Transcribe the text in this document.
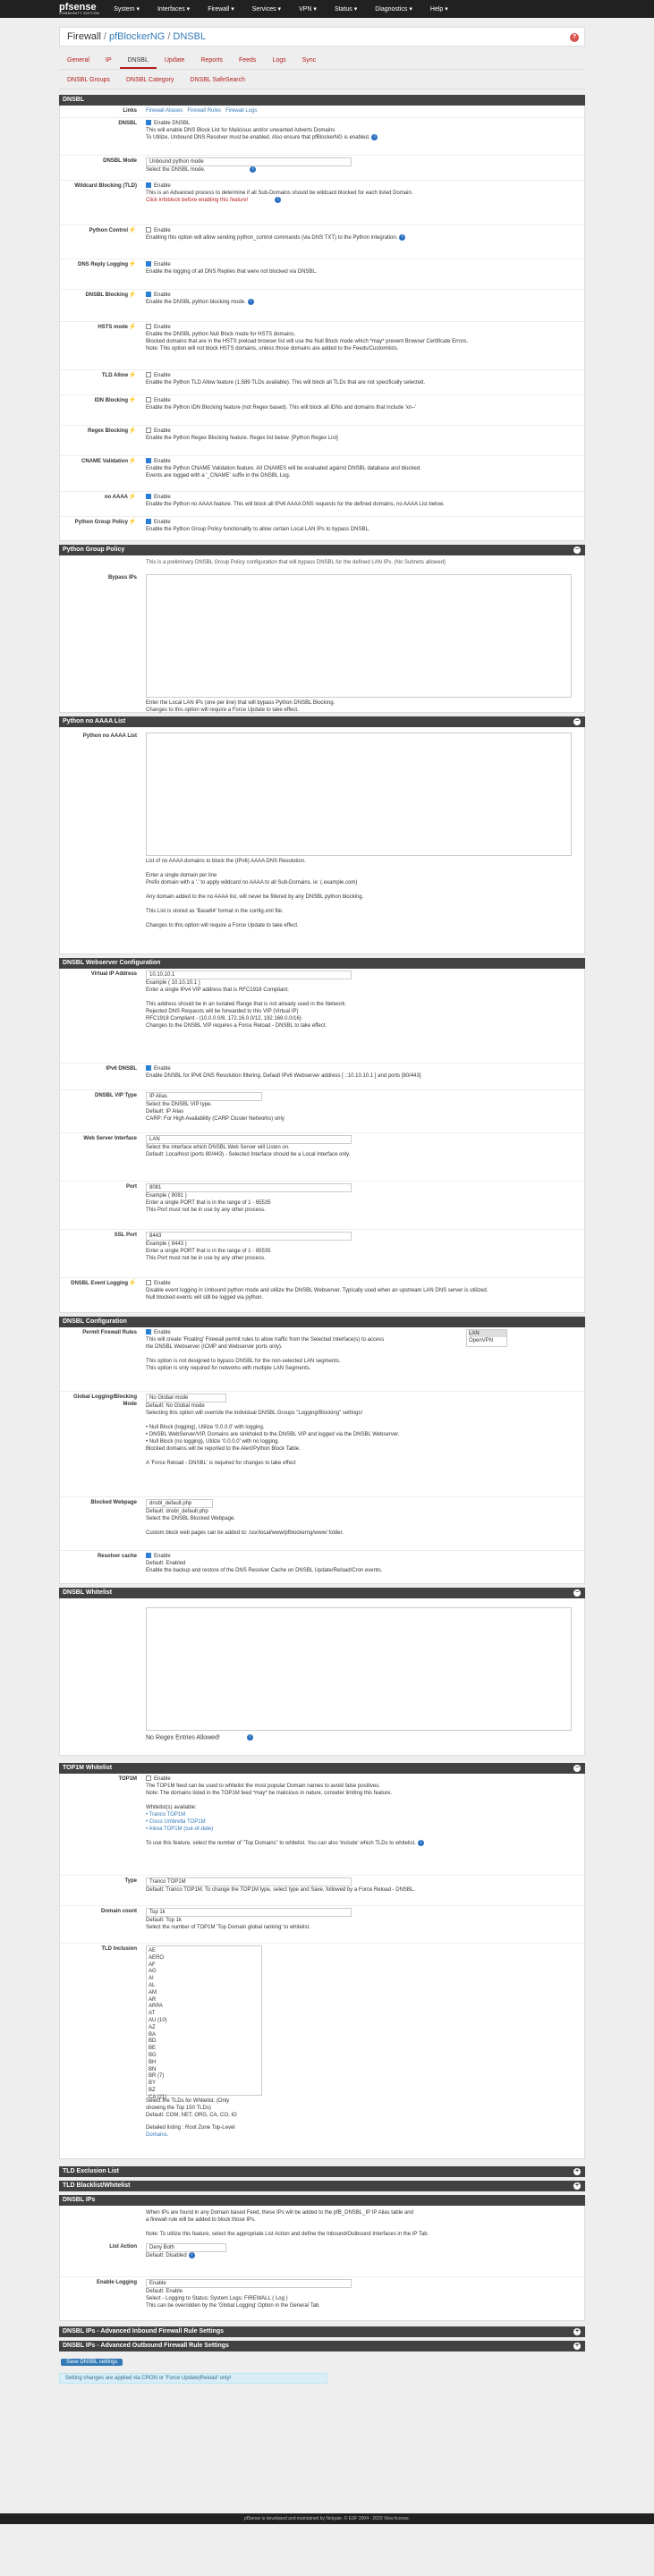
pfsense
COMMUNITY EDITION
System ▾	Interfaces ▾	Firewall ▾	Services ▾	VPN ▾	Status ▾	Diagnostics ▾	Help ▾
Firewall / pfBlockerNG / DNSBL	?
General	IP	DNSBL	Update	Reports	Feeds	Logs	Sync
DNSBL Groups	DNSBL Category	DNSBL SafeSearch
DNSBL
Links	Firewall Aliases Firewall Rules Firewall Logs
DNSBL	Enable DNSBL

This will enable DNS Block List for Malicious and/or unwanted Adverts Domains

To Utilize, Unbound DNS Resolver must be enabled. Also ensure that pfBlockerNG is enabled. i

DNSBL Mode	Unbound python mode

Select the DNSBL mode.	i

Wildcard Blocking (TLD)	Enable

This is an Advanced process to determine if all Sub-Domains should be wildcard blocked for each listed Domain.

Click infoblock before enabling this feature!	i

Python Control⚡	Enable

Enabling this option will allow sending python_control commands (via DNS TXT) to the Python integration. i

DNS Reply Logging⚡	Enable

Enable the logging of all DNS Replies that were not blocked via DNSBL.

DNSBL Blocking⚡	Enable

Enable the DNSBL python blocking mode. i

HSTS mode⚡	Enable

Enable the DNSBL python Null Block mode for HSTS domains.

Blocked domains that are in the HSTS preload browser list will use the Null Block mode which *may* prevent Browser Certificate Errors.

Note: This option will not block HSTS domains, unless those domains are added to the Feeds/Customlists.

TLD Allow⚡	Enable

Enable the Python TLD Allow feature (1,589 TLDs available). This will block all TLDs that are not specifically selected.

IDN Blocking⚡	Enable

Enable the Python IDN Blocking feature (not Regex based). This will block all IDNs and domains that include 'xn--'

Regex Blocking⚡	Enable

Enable the Python Regex Blocking feature. Regex list below. [Python Regex List]

CNAME Validation⚡	Enable

Enable the Python CNAME Validation feature. All CNAMES will be evaluated against DNSBL database and blocked.

Events are logged with a '_CNAME' suffix in the DNSBL Log.

no AAAA⚡	Enable

Enable the Python no AAAA feature. This will block all IPv6 AAAA DNS requests for the defined domains, no AAAA List below.

Python Group Policy⚡	Enable

Enable the Python Group Policy functionality to allow certain Local LAN IPs to bypass DNSBL.

Python Group Policy	−

This is a preliminary DNSBL Group Policy configuration that will bypass DNSBL for the defined LAN IPs. (No Subnets allowed)

Bypass IPs

Enter the Local LAN IPs (one per line) that will bypass Python DNSBL Blocking.

Changes to this option will require a Force Update to take effect.

Python no AAAA List	−
Python no AAAA List

List of no AAAA domains to block the (IPv6) AAAA DNS Resolution.

Enter a single domain per line

Prefix domain with a '.' to apply wildcard no AAAA to all Sub-Domains. ie: (.example.com)

Any domain added to the no AAAA list, will never be filtered by any DNSBL python blocking.

This List is stored as 'Base64' format in the config.xml file.

Changes to this option will require a Force Update to take effect.

DNSBL Webserver Configuration
Virtual IP Address	10.10.10.1

Example ( 10.10.10.1 )

Enter a single IPv4 VIP address that is RFC1918 Compliant.

This address should be in an Isolated Range that is not already used in the Network.

Rejected DNS Requests will be forwarded to this VIP (Virtual IP)

RFC1918 Compliant - (10.0.0.0/8, 172.16.0.0/12, 192.168.0.0/16)

Changes to the DNSBL VIP requires a Force Reload - DNSBL to take effect.

IPv6 DNSBL	Enable

Enable DNSBL for IPv6 DNS Resolution filtering. Default IPv6 Webserver address [ ::10.10.10.1 ] and ports [80/443]

DNSBL VIP Type	IP Alias

Select the DNSBL VIP type.

Default: IP Alias

CARP: For High Availability (CARP Cluster Networks) only

Web Server Interface	LAN

Select the interface which DNSBL Web Server will Listen on.

Default: Localhost (ports 80/443) - Selected Interface should be a Local Interface only.

Port	8081

Example ( 8081 )

Enter a single PORT that is in the range of 1 - 65535

This Port must not be in use by any other process.

SSL Port	8443

Example ( 8443 )

Enter a single PORT that is in the range of 1 - 65535

This Port must not be in use by any other process.

DNSBL Event Logging⚡	Enable

Disable event logging in Unbound python mode and utilize the DNSBL Webserver. Typically used when an upstream LAN DNS server is utilized.

Null blocked events will still be logged via python.

DNSBL Configuration
Permit Firewall Rules	Enable

This will create 'Floating' Firewall permit rules to allow traffic from the Selected Interface(s) to access

the DNSBL Webserver (ICMP and Webserver ports only).

This option is not designed to bypass DNSBL for the non-selected LAN segments.

This option is only required for networks with multiple LAN Segments.

LAN
OpenVPN
Global Logging/Blocking Mode

No Global mode

Default: No Global mode

Selecting this option will override the individual DNSBL Groups "Logging/Blocking" settings!

• Null Block (logging), Utilize '0.0.0.0' with logging.

• DNSBL WebServer/VIP, Domains are sinkholed to the DNSBL VIP and logged via the DNSBL Webserver.

• Null Block (no logging), Utilize '0.0.0.0' with no logging.

Blocked domains will be reported to the Alert/Python Block Table.

A 'Force Reload - DNSBL' is required for changes to take effect

Blocked Webpage	dnsbl_default.php

Default: dnsbl_default.php

Select the DNSBL Blocked Webpage.

Custom block web pages can be added to: /usr/local/www/pfblockerng/www/ folder.

Resolver cache	Enable

Default: Enabled

Enable the backup and restore of the DNS Resolver Cache on DNSBL Update/Reload/Cron events.

DNSBL Whitelist	−

No Regex Entries Allowed!	i

TOP1M Whitelist	−
TOP1M	Enable

The TOP1M feed can be used to whitelist the most popular Domain names to avoid false positives.

Note: The domains listed in the TOP1M feed *may* be malicious in nature, consider limiting this feature.

Whitelist(s) available:

• Tranco TOP1M

• Cisco Umbrella TOP1M

• Alexa TOP1M (out-of-date)

To use this feature, select the number of "Top Domains" to whitelist. You can also 'include' which TLDs to whitelist. i

Type	Tranco TOP1M

Default: Tranco TOP1M. To change the TOP1M type, select type and Save, followed by a Force Reload - DNSBL.

Domain count	Top 1k

Default: Top 1k

Select the number of TOP1M 'Top Domain global ranking' to whitelist.

TLD Inclusion	AE
AERO
AF
AG
AI
AL
AM
AR
ARPA
AT
AU (10)
AZ
BA
BD
BE
BG
BH
BN
BR (7)
BY
BZ
CA (21)

Select the TLDs for Whitelist. (Only

showing the Top 150 TLDs)

Default: COM, NET, ORG, CA, CO, IO

Detailed listing : Root Zone Top-Level

Domains.

TLD Exclusion List	+
TLD Blacklist/Whitelist	+
DNSBL IPs

When IPs are found in any Domain based Feed, these IPs will be added to the pfB_DNSBL_IP IP Alias table and

a firewall rule will be added to block those IPs.

Note: To utilize this feature, select the appropriate List Action and define the Inbound/Outbound Interfaces in the IP Tab.

List Action	Deny Both

Default: Disabled i

Enable Logging	Enable

Default: Enable

Select - Logging to Status: System Logs: FIREWALL ( Log )

This can be overridden by the 'Global Logging' Option in the General Tab.

DNSBL IPs - Advanced Inbound Firewall Rule Settings	+
DNSBL IPs - Advanced Outbound Firewall Rule Settings	+
Save DNSBL settings
Setting changes are applied via CRON or 'Force Update|Reload' only!
pfSense is developed and maintained by Netgate. © ESF 2004 - 2023 View license.
